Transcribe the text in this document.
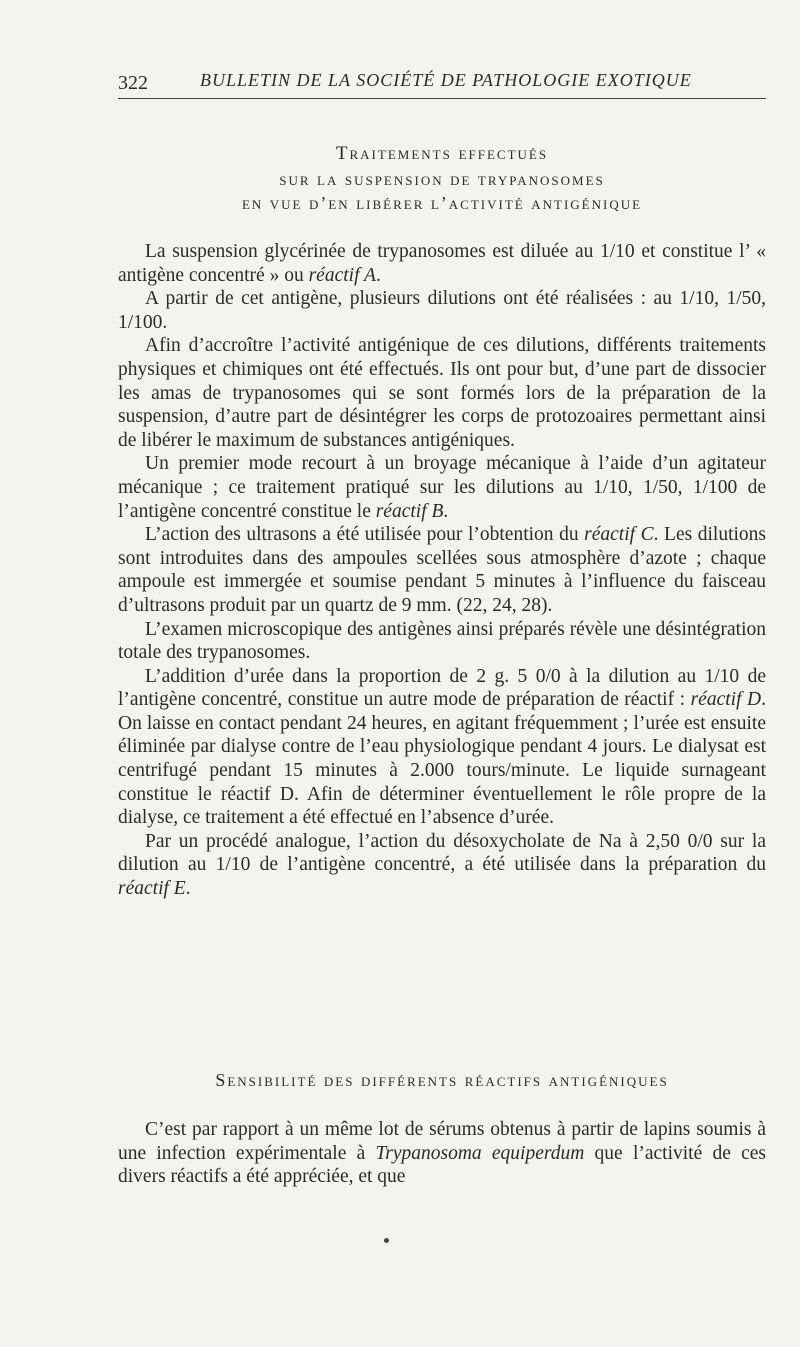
322	BULLETIN DE LA SOCIÉTÉ DE PATHOLOGIE EXOTIQUE
Traitements effectués
sur la suspension de trypanosomes
en vue d’en libérer l’activité antigénique

La suspension glycérinée de trypanosomes est diluée au 1/10 et constitue l’ « antigène concentré » ou réactif A.

A partir de cet antigène, plusieurs dilutions ont été réalisées : au 1/10, 1/50, 1/100.

Afin d’accroître l’activité antigénique de ces dilutions, différents traitements physiques et chimiques ont été effectués. Ils ont pour but, d’une part de dissocier les amas de trypanosomes qui se sont formés lors de la préparation de la suspension, d’autre part de désintégrer les corps de protozoaires permettant ainsi de libérer le maximum de substances antigéniques.

Un premier mode recourt à un broyage mécanique à l’aide d’un agitateur mécanique ; ce traitement pratiqué sur les dilutions au 1/10, 1/50, 1/100 de l’antigène concentré constitue le réactif B.

L’action des ultrasons a été utilisée pour l’obtention du réactif C. Les dilutions sont introduites dans des ampoules scellées sous atmosphère d’azote ; chaque ampoule est immergée et soumise pendant 5 minutes à l’influence du faisceau d’ultrasons produit par un quartz de 9 mm. (22, 24, 28).

L’examen microscopique des antigènes ainsi préparés révèle une désintégration totale des trypanosomes.

L’addition d’urée dans la proportion de 2 g. 5 0/0 à la dilution au 1/10 de l’antigène concentré, constitue un autre mode de préparation de réactif : réactif D. On laisse en contact pendant 24 heures, en agitant fréquemment ; l’urée est ensuite éliminée par dialyse contre de l’eau physiologique pendant 4 jours. Le dialysat est centrifugé pendant 15 minutes à 2.000 tours/minute. Le liquide surnageant constitue le réactif D. Afin de déterminer éventuellement le rôle propre de la dialyse, ce traitement a été effectué en l’absence d’urée.

Par un procédé analogue, l’action du désoxycholate de Na à 2,50 0/0 sur la dilution au 1/10 de l’antigène concentré, a été utilisée dans la préparation du réactif E.

Sensibilité des différents réactifs antigéniques

C’est par rapport à un même lot de sérums obtenus à partir de lapins soumis à une infection expérimentale à Trypanosoma equiperdum que l’activité de ces divers réactifs a été appréciée, et que
